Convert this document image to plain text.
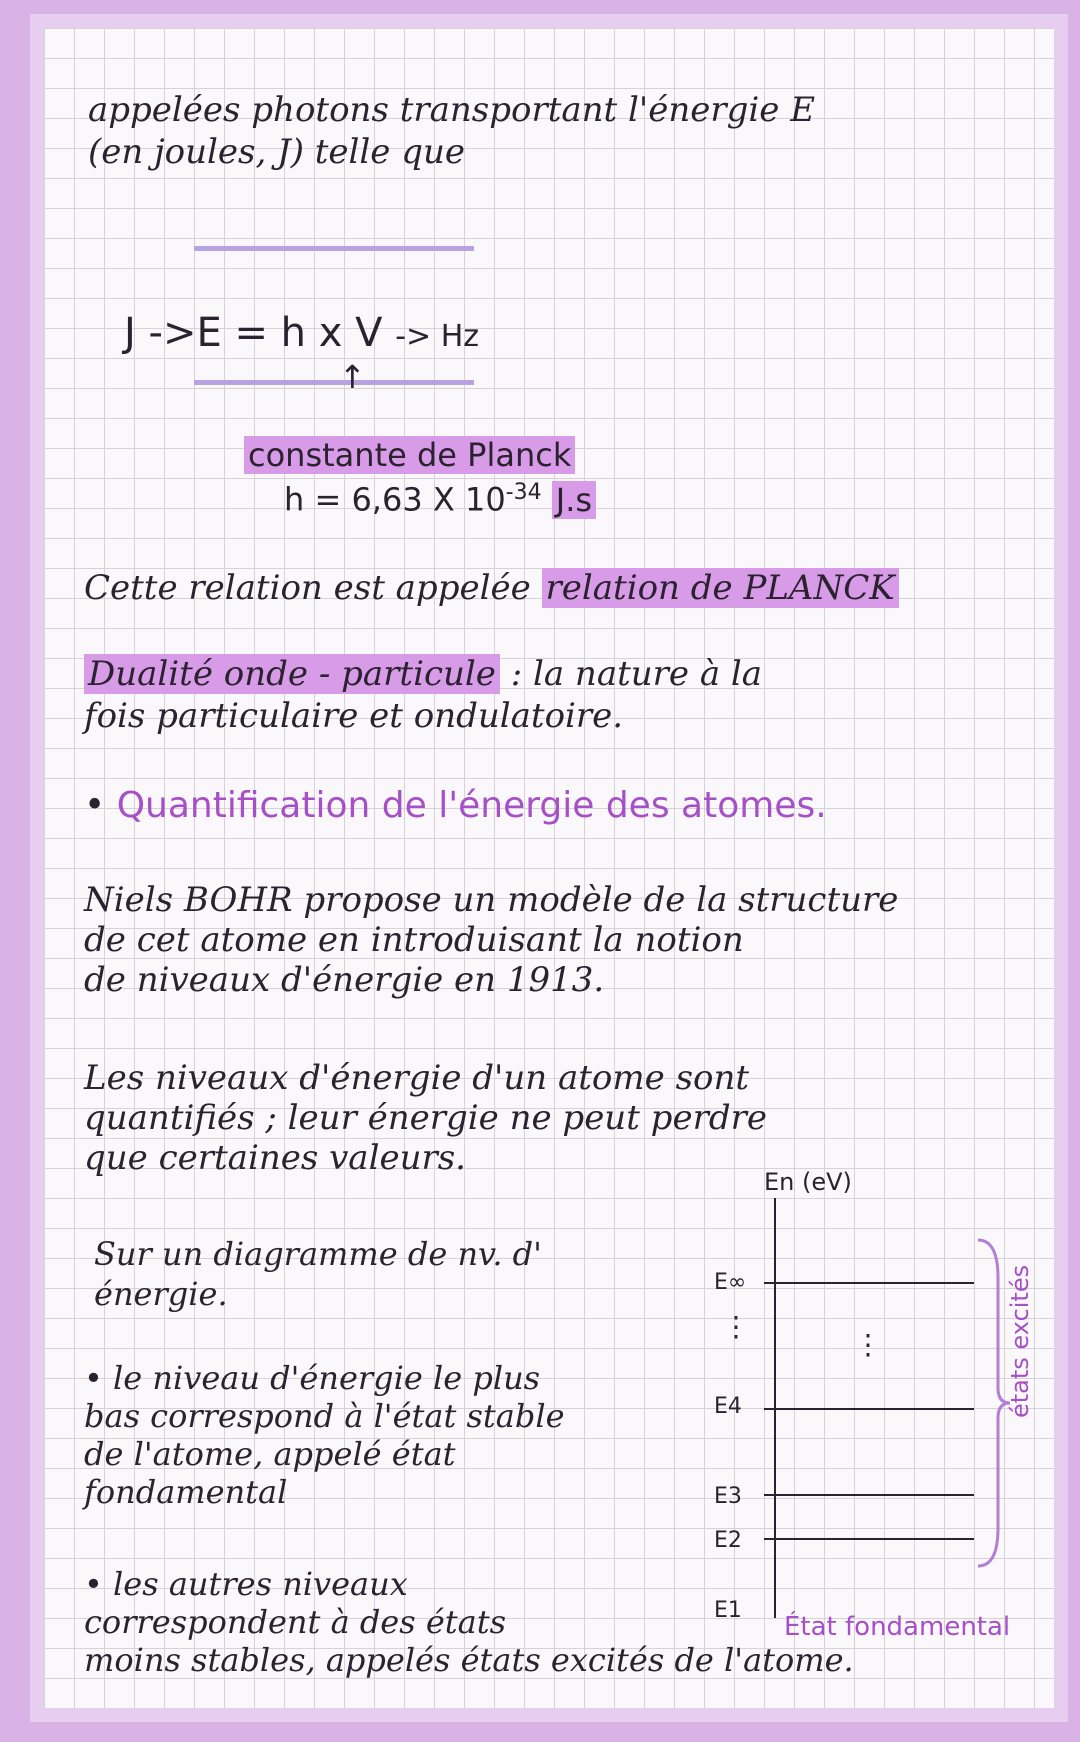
appelées photons transportant l'énergie E
(en joules, J) telle que
J ->E = h x V -> Hz
↑
constante de Planck
h = 6,63 X $10^{-34}$ J.s
Cette relation est appelée relation de PLANCK
Dualité onde - particule : la nature à la
fois particulaire et ondulatoire.
• Quantification de l'énergie des atomes.
Niels BOHR propose un modèle de la structure
de cet atome en introduisant la notion
de niveaux d'énergie en 1913.
Les niveaux d'énergie d'un atome sont
quantifiés ; leur énergie ne peut perdre
que certaines valeurs.
Sur un diagramme de nv. d'
énergie.
• le niveau d'énergie le plus
bas correspond à l'état stable
de l'atome, appelé état
fondamental
• les autres niveaux
correspondent à des états
moins stables, appelés états excités de l'atome.
En (eV)
E∞
⋮
⋮
E4
E3
E2
E1
État fondamental
états excités
